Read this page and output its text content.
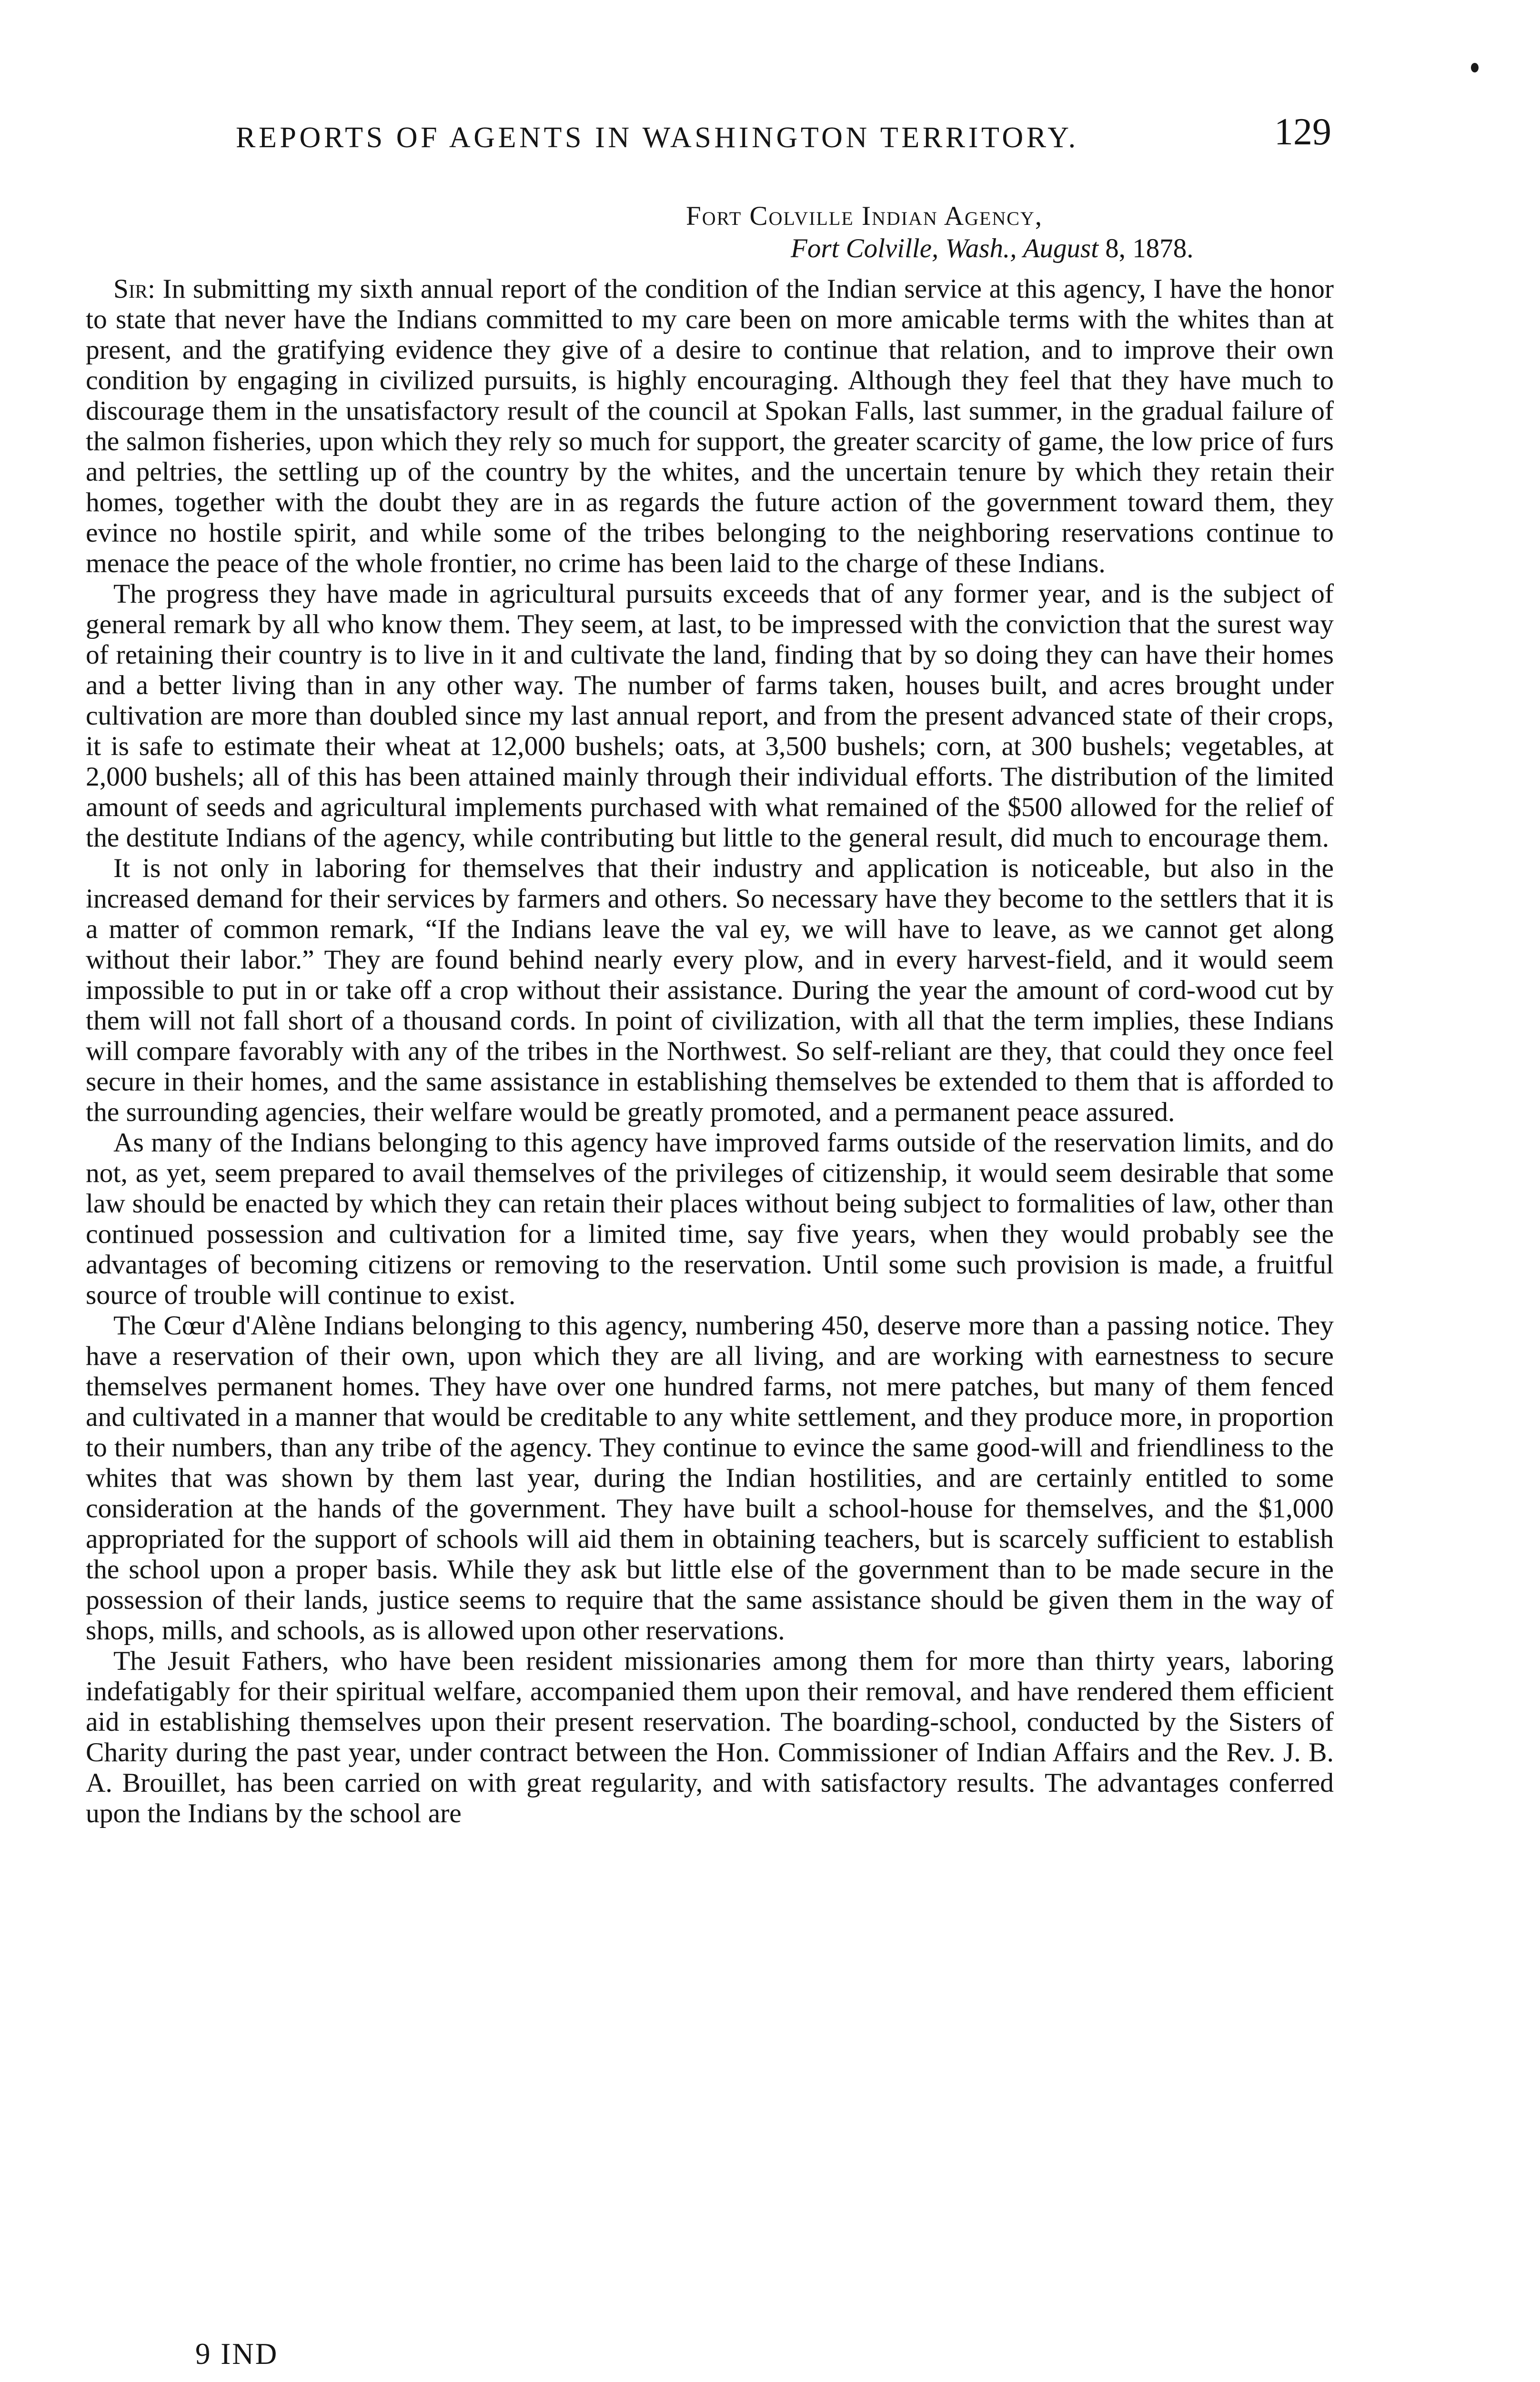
REPORTS OF AGENTS IN WASHINGTON TERRITORY.	129
Fort Colville Indian Agency,
Fort Colville, Wash., August 8, 1878.

Sir: In submitting my sixth annual report of the condition of the Indian service at this agency, I have the honor to state that never have the Indians committed to my care been on more amicable terms with the whites than at present, and the gratifying evidence they give of a desire to continue that relation, and to improve their own condition by engaging in civilized pursuits, is highly encouraging. Although they feel that they have much to discourage them in the unsatisfactory result of the council at Spokan Falls, last summer, in the gradual failure of the salmon fisheries, upon which they rely so much for support, the greater scarcity of game, the low price of furs and peltries, the settling up of the country by the whites, and the uncertain tenure by which they retain their homes, together with the doubt they are in as regards the future action of the government toward them, they evince no hostile spirit, and while some of the tribes belonging to the neighboring reservations continue to menace the peace of the whole frontier, no crime has been laid to the charge of these Indians.

The progress they have made in agricultural pursuits exceeds that of any former year, and is the subject of general remark by all who know them. They seem, at last, to be impressed with the conviction that the surest way of retaining their country is to live in it and cultivate the land, finding that by so doing they can have their homes and a better living than in any other way. The number of farms taken, houses built, and acres brought under cultivation are more than doubled since my last annual report, and from the present advanced state of their crops, it is safe to estimate their wheat at 12,000 bushels; oats, at 3,500 bushels; corn, at 300 bushels; vegetables, at 2,000 bushels; all of this has been attained mainly through their individual efforts. The distribution of the limited amount of seeds and agricultural implements purchased with what remained of the $500 allowed for the relief of the destitute Indians of the agency, while contributing but little to the general result, did much to encourage them.

It is not only in laboring for themselves that their industry and application is noticeable, but also in the increased demand for their services by farmers and others. So necessary have they become to the settlers that it is a matter of common remark, “If the Indians leave the val ey, we will have to leave, as we cannot get along without their labor.” They are found behind nearly every plow, and in every harvest-field, and it would seem impossible to put in or take off a crop without their assistance. During the year the amount of cord-wood cut by them will not fall short of a thousand cords. In point of civilization, with all that the term implies, these Indians will compare favorably with any of the tribes in the Northwest. So self-reliant are they, that could they once feel secure in their homes, and the same assistance in establishing themselves be extended to them that is afforded to the surrounding agencies, their welfare would be greatly promoted, and a permanent peace assured.

As many of the Indians belonging to this agency have improved farms outside of the reservation limits, and do not, as yet, seem prepared to avail themselves of the privileges of citizenship, it would seem desirable that some law should be enacted by which they can retain their places without being subject to formalities of law, other than continued possession and cultivation for a limited time, say five years, when they would probably see the advantages of becoming citizens or removing to the reservation. Until some such provision is made, a fruitful source of trouble will continue to exist.

The Cœur d'Alène Indians belonging to this agency, numbering 450, deserve more than a passing notice. They have a reservation of their own, upon which they are all living, and are working with earnestness to secure themselves permanent homes. They have over one hundred farms, not mere patches, but many of them fenced and cultivated in a manner that would be creditable to any white settlement, and they produce more, in proportion to their numbers, than any tribe of the agency. They continue to evince the same good-will and friendliness to the whites that was shown by them last year, during the Indian hostilities, and are certainly entitled to some consideration at the hands of the government. They have built a school-house for themselves, and the $1,000 appropriated for the support of schools will aid them in obtaining teachers, but is scarcely sufficient to establish the school upon a proper basis. While they ask but little else of the government than to be made secure in the possession of their lands, justice seems to require that the same assistance should be given them in the way of shops, mills, and schools, as is allowed upon other reservations.

The Jesuit Fathers, who have been resident missionaries among them for more than thirty years, laboring indefatigably for their spiritual welfare, accompanied them upon their removal, and have rendered them efficient aid in establishing themselves upon their present reservation. The boarding-school, conducted by the Sisters of Charity during the past year, under contract between the Hon. Commissioner of Indian Affairs and the Rev. J. B. A. Brouillet, has been carried on with great regularity, and with satisfactory results. The advantages conferred upon the Indians by the school are

9 IND
